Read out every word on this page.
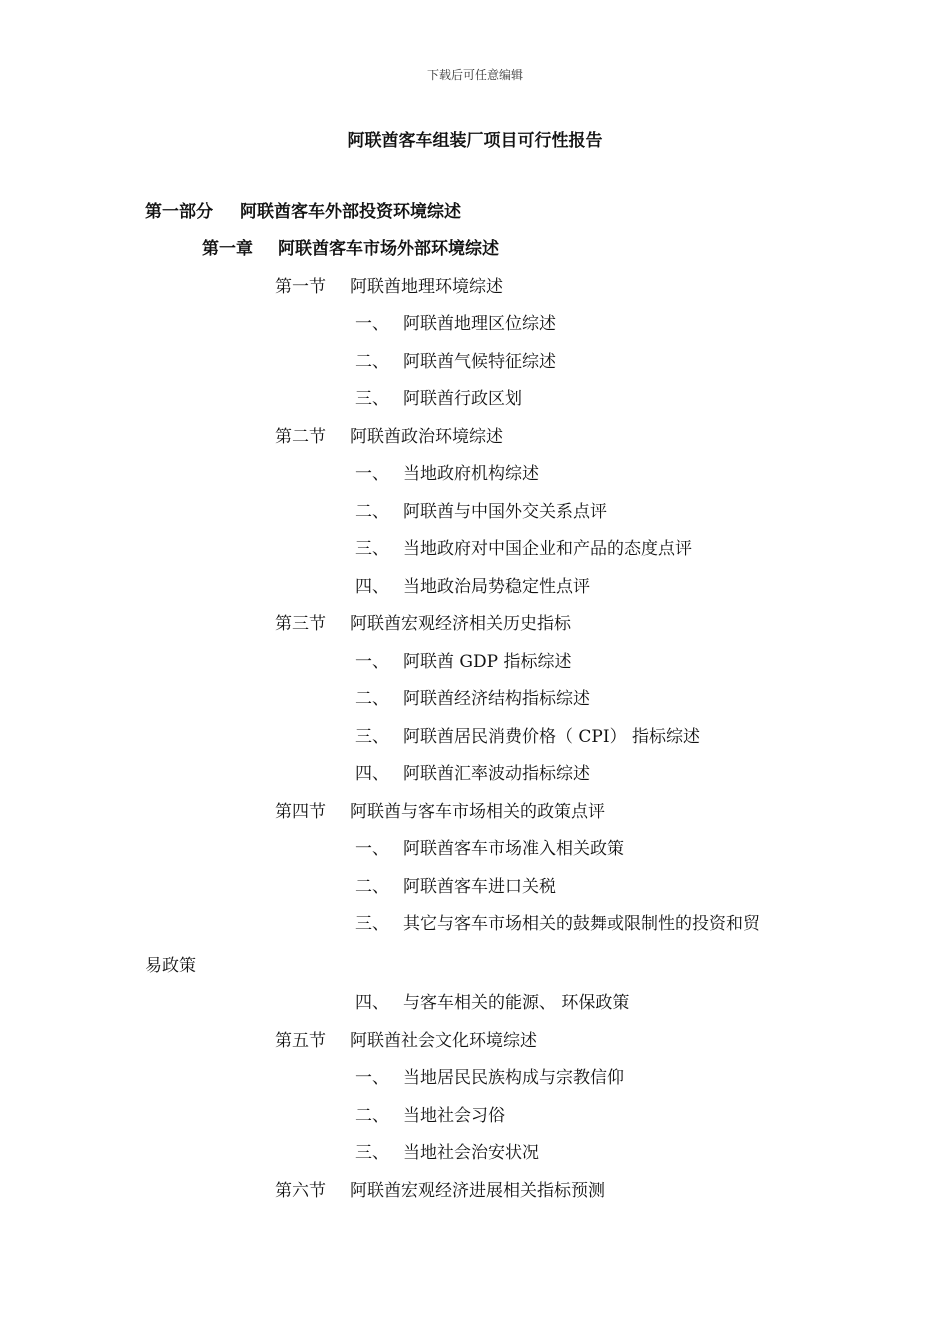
下载后可任意编辑
阿联酋客车组装厂项目可行性报告
第一部分 阿联酋客车外部投资环境综述
第一章 阿联酋客车市场外部环境综述
第一节 阿联酋地理环境综述
一、 阿联酋地理区位综述
二、 阿联酋气候特征综述
三、 阿联酋行政区划
第二节 阿联酋政治环境综述
一、 当地政府机构综述
二、 阿联酋与中国外交关系点评
三、 当地政府对中国企业和产品的态度点评
四、 当地政治局势稳定性点评
第三节 阿联酋宏观经济相关历史指标
一、 阿联酋 GDP 指标综述
二、 阿联酋经济结构指标综述
三、 阿联酋居民消费价格（ CPI） 指标综述
四、 阿联酋汇率波动指标综述
第四节 阿联酋与客车市场相关的政策点评
一、 阿联酋客车市场准入相关政策
二、 阿联酋客车进口关税
三、 其它与客车市场相关的鼓舞或限制性的投资和贸
易政策
四、 与客车相关的能源、 环保政策
第五节 阿联酋社会文化环境综述
一、 当地居民民族构成与宗教信仰
二、 当地社会习俗
三、 当地社会治安状况
第六节 阿联酋宏观经济进展相关指标预测
